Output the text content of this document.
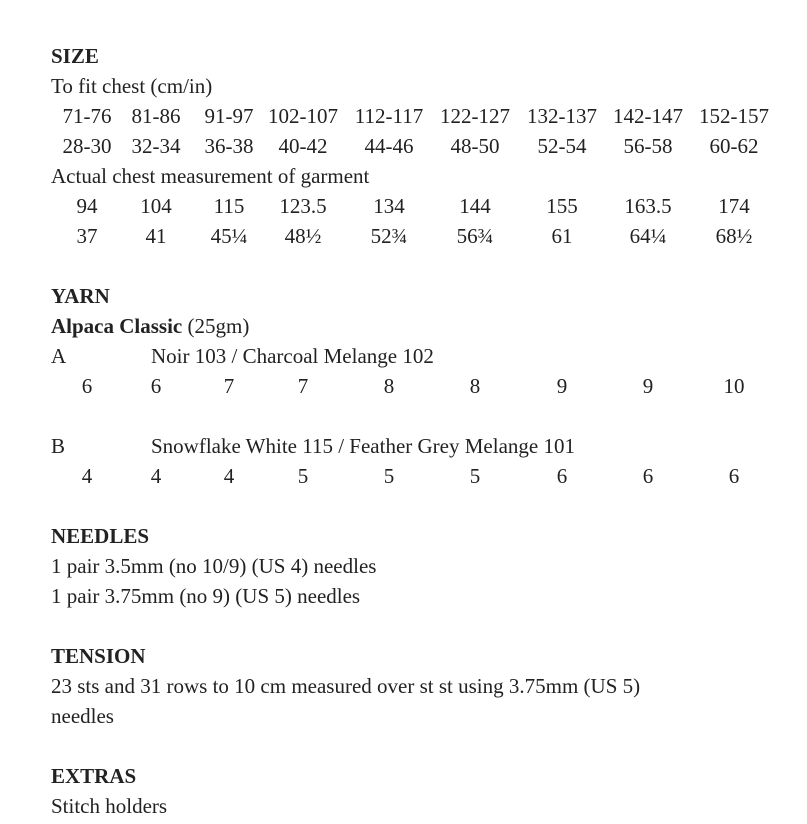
SIZE

To fit chest (cm/in)

71-76 81-86 91-97 102-107 112-117 122-127 132-137 142-147 152-157
28-30 32-34 36-38 40-42 44-46 48-50 52-54 56-58 60-62

Actual chest measurement of garment

94 104 115 123.5 134	144	155 163.5 174
37 41 45¼ 48½ 52¾ 56¾	61	64¼ 68½

YARN

Alpaca Classic (25gm)

A	Noir 103 / Charcoal Melange 102
6	6	7	7	8	8	9	9	10
B	Snowflake White 115 / Feather Grey Melange 101
4	4	4	5	5	5	6	6	6

NEEDLES

1 pair 3.5mm (no 10/9) (US 4) needles

1 pair 3.75mm (no 9) (US 5) needles

TENSION

23 sts and 31 rows to 10 cm measured over st st using 3.75mm (US 5)

needles

EXTRAS

Stitch holders
